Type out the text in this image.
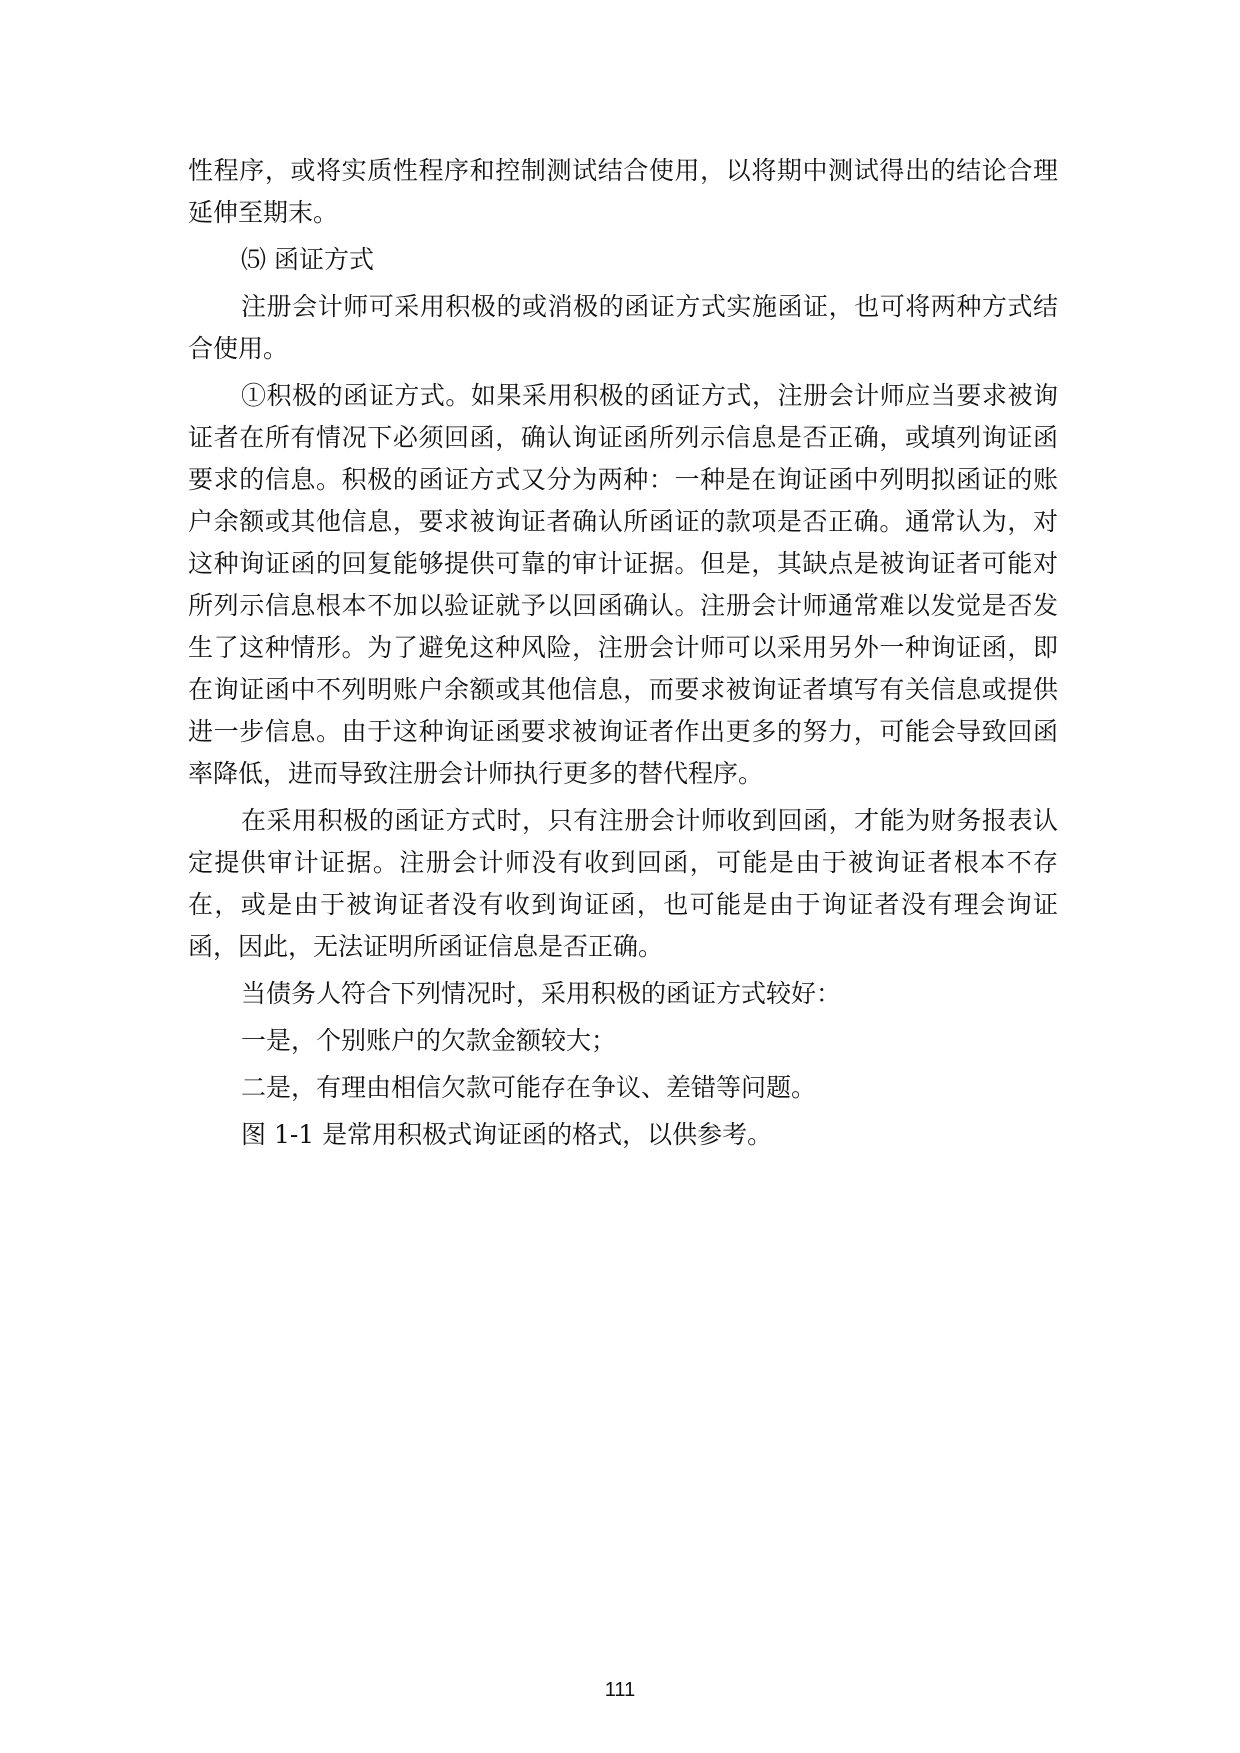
性程序，或将实质性程序和控制测试结合使用，以将期中测试得出的结论合理延伸至期末。

⑸ 函证方式

注册会计师可采用积极的或消极的函证方式实施函证，也可将两种方式结合使用。

①积极的函证方式。如果采用积极的函证方式，注册会计师应当要求被询证者在所有情况下必须回函，确认询证函所列示信息是否正确，或填列询证函要求的信息。积极的函证方式又分为两种：一种是在询证函中列明拟函证的账户余额或其他信息，要求被询证者确认所函证的款项是否正确。通常认为，对这种询证函的回复能够提供可靠的审计证据。但是，其缺点是被询证者可能对所列示信息根本不加以验证就予以回函确认。注册会计师通常难以发觉是否发生了这种情形。为了避免这种风险，注册会计师可以采用另外一种询证函，即在询证函中不列明账户余额或其他信息，而要求被询证者填写有关信息或提供进一步信息。由于这种询证函要求被询证者作出更多的努力，可能会导致回函率降低，进而导致注册会计师执行更多的替代程序。

在采用积极的函证方式时，只有注册会计师收到回函，才能为财务报表认定提供审计证据。注册会计师没有收到回函，可能是由于被询证者根本不存在，或是由于被询证者没有收到询证函，也可能是由于询证者没有理会询证函，因此，无法证明所函证信息是否正确。

当债务人符合下列情况时，采用积极的函证方式较好：

一是，个别账户的欠款金额较大；

二是，有理由相信欠款可能存在争议、差错等问题。

图 1-1 是常用积极式询证函的格式，以供参考。

111
